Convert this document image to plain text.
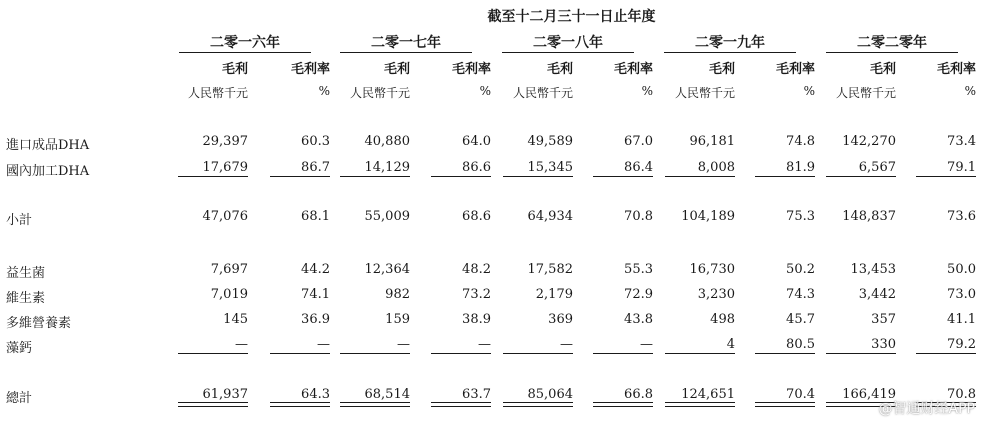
截至十二月三十一日止年度
二零一六年
毛利	毛利率
人民幣千元	%
二零一七年
毛利	毛利率
人民幣千元	%
二零一八年
毛利	毛利率
人民幣千元	%
二零一九年
毛利	毛利率
人民幣千元	%
二零二零年
毛利	毛利率
人民幣千元	%
進口成品DHA	29,397	60.3	40,880	64.0	49,589	67.0	96,181	74.8 142,270	73.4
國內加工DHA	17,679	86.7	14,129	86.6	15,345	86.4	8,008	81.9	6,567	79.1
小計	47,076	68.1	55,009	68.6	64,934	70.8 104,189	75.3 148,837	73.6
益生菌	7,697	44.2	12,364	48.2	17,582	55.3	16,730	50.2	13,453	50.0
維生素	7,019	74.1	982	73.2	2,179	72.9	3,230	74.3	3,442	73.0
多維營養素	145	36.9	159	38.9	369	43.8	498	45.7	357	41.1
藻鈣	—	—	—	—	—	—	4	80.5	330	79.2
總計	61,937	64.3	68,514	63.7	85,064	66.8 124,651	70.4 166,419	70.8
@智通财经APP
